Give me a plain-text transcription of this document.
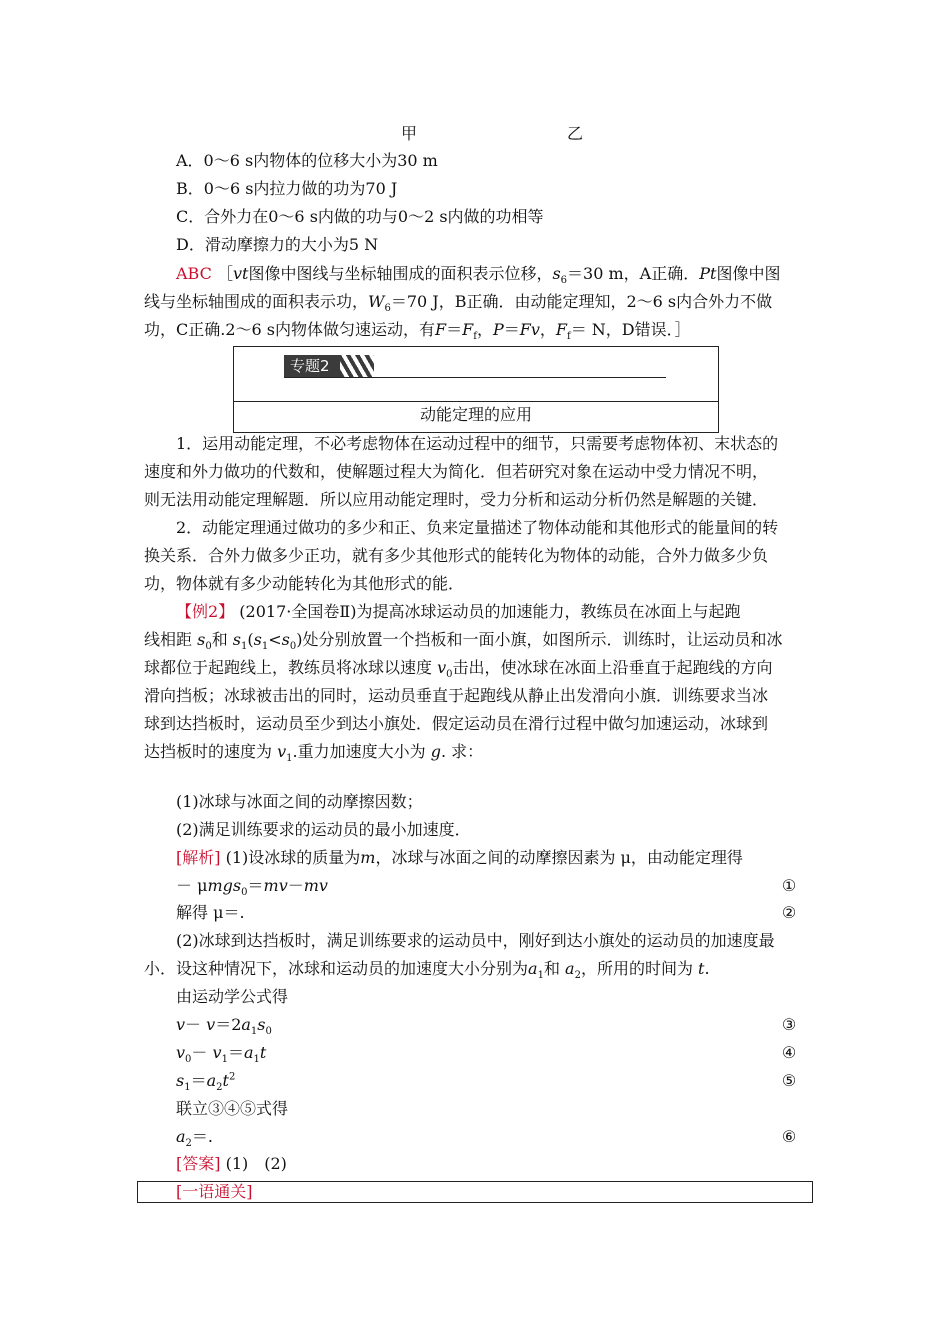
甲	乙
A．0～6 s内物体的位移大小为30 m
B．0～6 s内拉力做的功为70 J
C．合外力在0～6 s内做的功与0～2 s内做的功相等
D．滑动摩擦力的大小为5 N
ABC ［vt图像中图线与坐标轴围成的面积表示位移，$s_6=30$ m，A正确．Pt图像中图
线与坐标轴围成的面积表示功，$W_6=70$ J，B正确．由动能定理知，2～6 s内合外力不做
功，C正确.2～6 s内物体做匀速运动，有$F=F_f$，P＝Fv，$F_f= N$，D错误．］
专题2
动能定理的应用
1．运用动能定理，不必考虑物体在运动过程中的细节，只需要考虑物体初、末状态的
速度和外力做功的代数和，使解题过程大为简化．但若研究对象在运动中受力情况不明，
则无法用动能定理解题．所以应用动能定理时，受力分析和运动分析仍然是解题的关键．
2．动能定理通过做功的多少和正、负来定量描述了物体动能和其他形式的能量间的转
换关系．合外力做多少正功，就有多少其他形式的能转化为物体的动能，合外力做多少负
功，物体就有多少动能转化为其他形式的能．
【例2】 (2017·全国卷Ⅱ)为提高冰球运动员的加速能力，教练员在冰面上与起跑
线相距 $s_0$和 $s_1(s_1<s_0)$处分别放置一个挡板和一面小旗，如图所示．训练时，让运动员和冰
球都位于起跑线上，教练员将冰球以速度 $v_0$击出，使冰球在冰面上沿垂直于起跑线的方向
滑向挡板；冰球被击出的同时，运动员垂直于起跑线从静止出发滑向小旗．训练要求当冰
球到达挡板时，运动员至少到达小旗处．假定运动员在滑行过程中做匀加速运动，冰球到
达挡板时的速度为 $v_1$.重力加速度大小为 g. 求：
(1)冰球与冰面之间的动摩擦因数；
(2)满足训练要求的运动员的最小加速度．
[解析] (1)设冰球的质量为m，冰球与冰面之间的动摩擦因素为 μ，由动能定理得
－ μmgs$_0$＝mv－mv	①
解得 μ＝.	②
(2)冰球到达挡板时，满足训练要求的运动员中，刚好到达小旗处的运动员的加速度最
小．设这种情况下，冰球和运动员的加速度大小分别为$a_1$和 $a_2$，所用的时间为 t.
由运动学公式得
$v- v=2a_1s_0$	③
$v_0- v_1=a_1t$	④
$s_1=a_2t^2$	⑤
联立③④⑤式得
$a_2=$.	⑥
[答案] (1)　(2)
[一语通关]
